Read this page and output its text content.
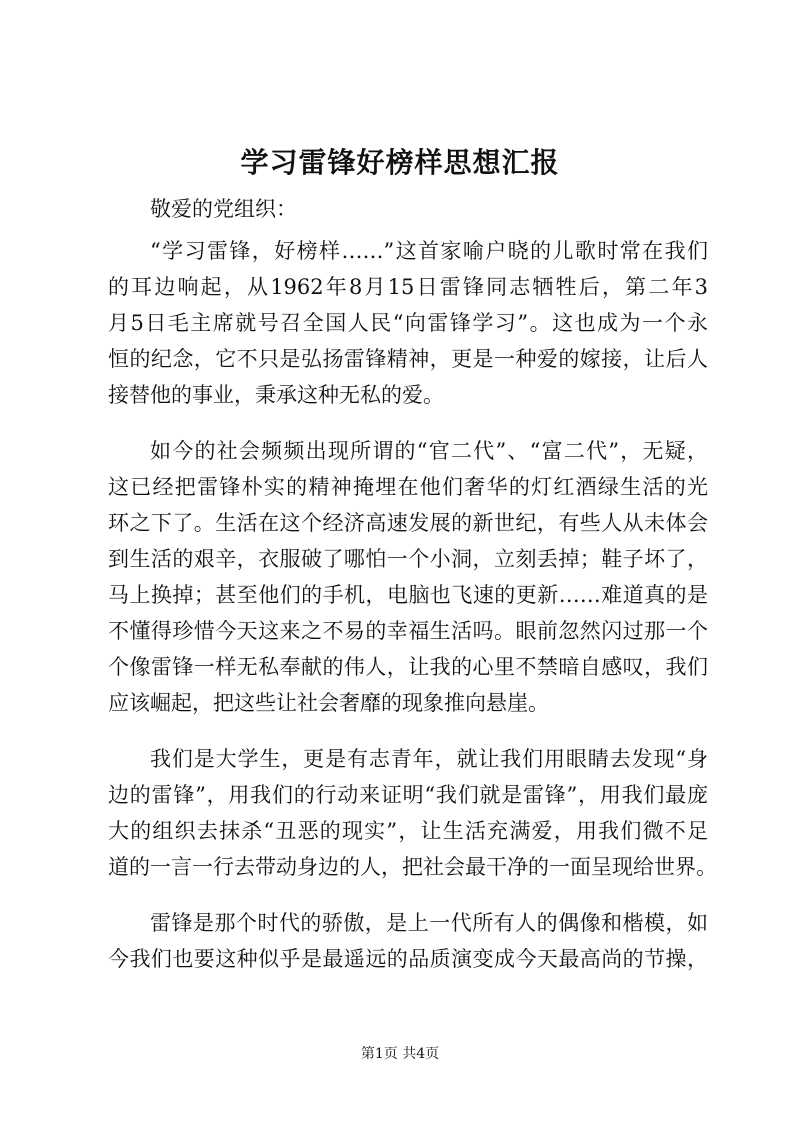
学习雷锋好榜样思想汇报
敬爱的党组织：
“学习雷锋，好榜样……”这首家喻户晓的儿歌时常在我们
的耳边响起，从1962年8月15日雷锋同志牺牲后，第二年3
月5日毛主席就号召全国人民“向雷锋学习”。这也成为一个永
恒的纪念，它不只是弘扬雷锋精神，更是一种爱的嫁接，让后人
接替他的事业，秉承这种无私的爱。
如今的社会频频出现所谓的“官二代”、“富二代”，无疑，
这已经把雷锋朴实的精神掩埋在他们奢华的灯红酒绿生活的光
环之下了。生活在这个经济高速发展的新世纪，有些人从未体会
到生活的艰辛，衣服破了哪怕一个小洞，立刻丢掉；鞋子坏了，
马上换掉；甚至他们的手机，电脑也飞速的更新……难道真的是
不懂得珍惜今天这来之不易的幸福生活吗。眼前忽然闪过那一个
个像雷锋一样无私奉献的伟人，让我的心里不禁暗自感叹，我们
应该崛起，把这些让社会奢靡的现象推向悬崖。
我们是大学生，更是有志青年，就让我们用眼睛去发现“身
边的雷锋”，用我们的行动来证明“我们就是雷锋”，用我们最庞
大的组织去抹杀“丑恶的现实”，让生活充满爱，用我们微不足
道的一言一行去带动身边的人，把社会最干净的一面呈现给世界。
雷锋是那个时代的骄傲，是上一代所有人的偶像和楷模，如
今我们也要这种似乎是最遥远的品质演变成今天最高尚的节操，
第1页 共4页
